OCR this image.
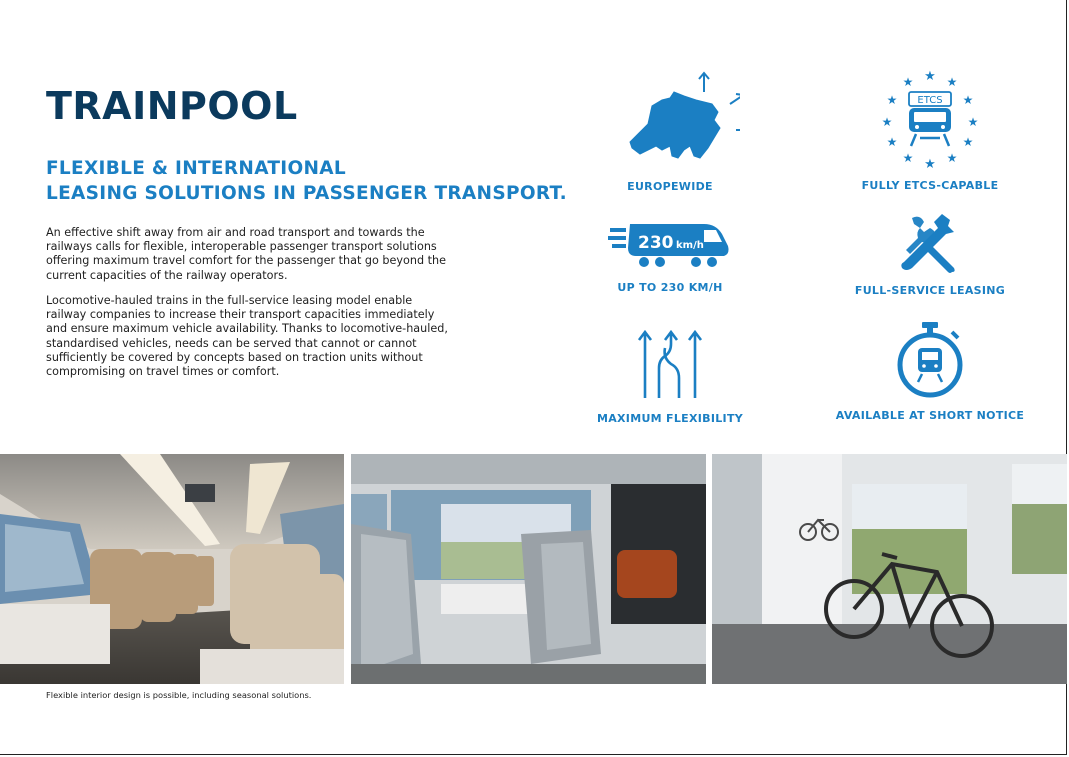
TRAINPOOL
FLEXIBLE & INTERNATIONAL
LEASING SOLUTIONS IN PASSENGER TRANSPORT.

An effective shift away from air and road transport and towards the railways calls for flexible, interoperable passenger transport solutions offering maximum travel comfort for the passenger that go beyond the current capacities of the railway operators.

Locomotive-hauled trains in the full-service leasing model enable railway companies to increase their transport capacities immediately and ensure maximum vehicle availability. Thanks to locomotive-hauled, standardised vehicles, needs can be served that cannot or cannot sufficiently be covered by concepts based on traction units without compromising on travel times or comfort.

EUROPEWIDE
★
★	★
★	★
★	★
★	★
★	★
★
ETCS
FULLY ETCS-CAPABLE
230 km/h
UP TO 230 KM/H	FULL-SERVICE LEASING
MAXIMUM FLEXIBILITY	AVAILABLE AT SHORT NOTICE

Flexible interior design is possible, including seasonal solutions.
